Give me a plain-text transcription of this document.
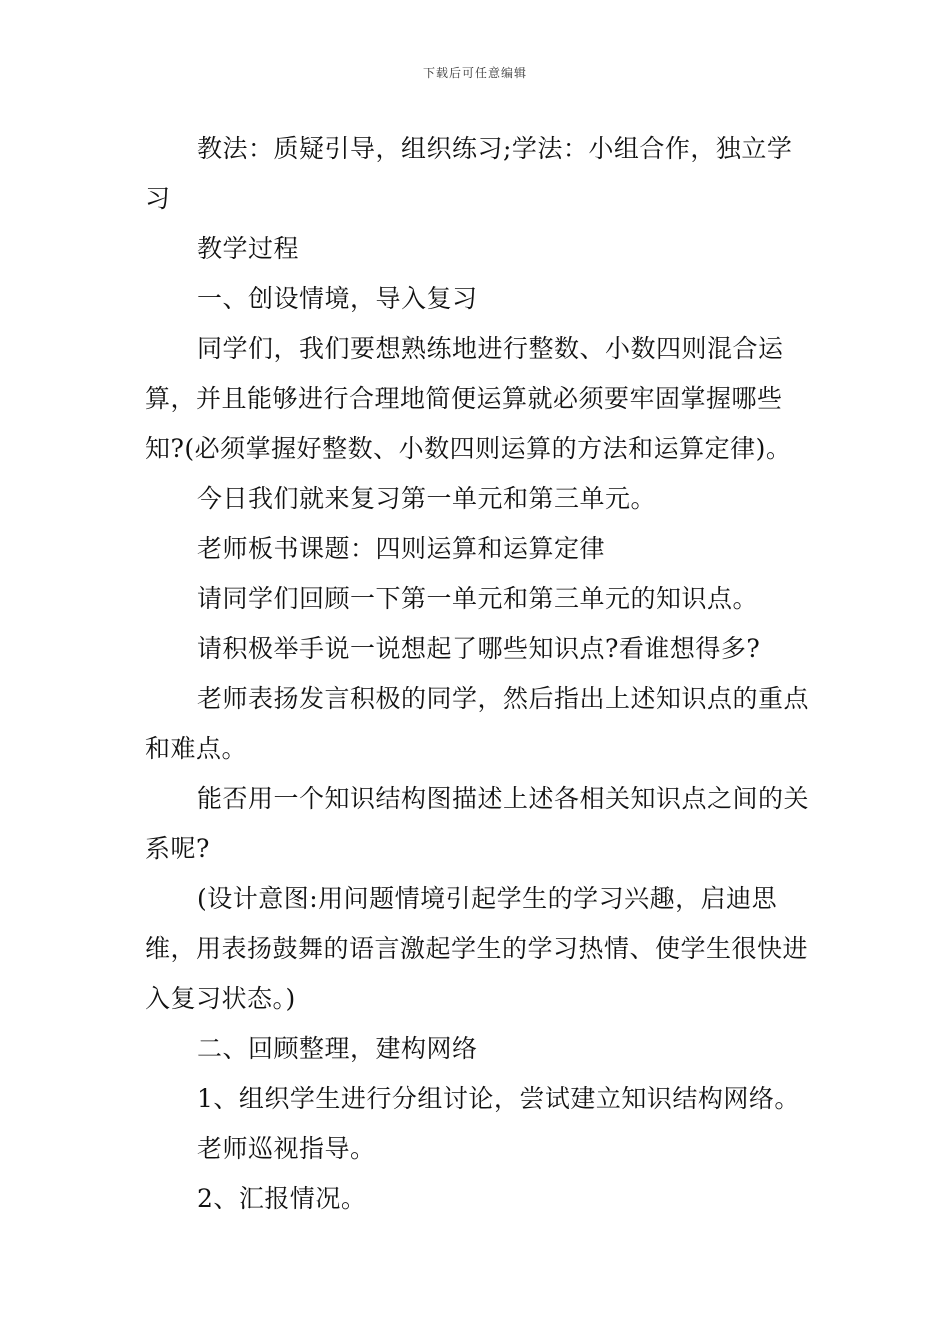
下载后可任意编辑

教法：质疑引导，组织练习;学法：小组合作，独立学习

教学过程

一、创设情境，导入复习

同学们，我们要想熟练地进行整数、小数四则混合运算，并且能够进行合理地简便运算就必须要牢固掌握哪些知?(必须掌握好整数、小数四则运算的方法和运算定律)。

今日我们就来复习第一单元和第三单元。

老师板书课题：四则运算和运算定律

请同学们回顾一下第一单元和第三单元的知识点。

请积极举手说一说想起了哪些知识点?看谁想得多?

老师表扬发言积极的同学，然后指出上述知识点的重点和难点。

能否用一个知识结构图描述上述各相关知识点之间的关系呢?

(设计意图:用问题情境引起学生的学习兴趣，启迪思维，用表扬鼓舞的语言激起学生的学习热情、使学生很快进入复习状态。)

二、回顾整理，建构网络

1、组织学生进行分组讨论，尝试建立知识结构网络。

老师巡视指导。

2、汇报情况。
